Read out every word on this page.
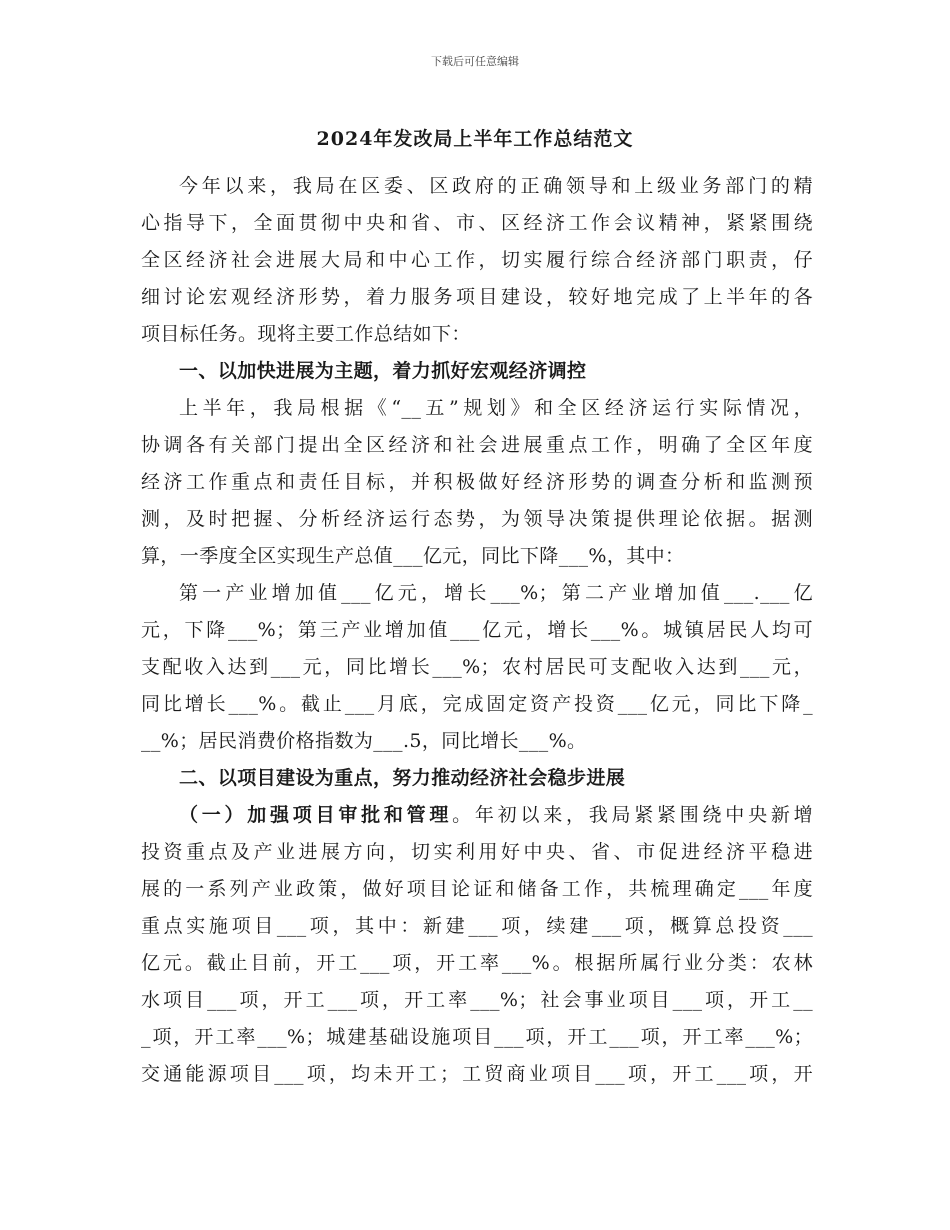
下载后可任意编辑
2024年发改局上半年工作总结范文
今年以来，我局在区委、区政府的正确领导和上级业务部门的精
心指导下，全面贯彻中央和省、市、区经济工作会议精神，紧紧围绕
全区经济社会进展大局和中心工作，切实履行综合经济部门职责，仔
细讨论宏观经济形势，着力服务项目建设，较好地完成了上半年的各
项目标任务。现将主要工作总结如下：
一、以加快进展为主题，着力抓好宏观经济调控
上半年，我局根据《“__五”规划》和全区经济运行实际情况，
协调各有关部门提出全区经济和社会进展重点工作，明确了全区年度
经济工作重点和责任目标，并积极做好经济形势的调查分析和监测预
测，及时把握、分析经济运行态势，为领导决策提供理论依据。据测
算，一季度全区实现生产总值___亿元，同比下降___%，其中：
第一产业增加值___亿元，增长___%；第二产业增加值___.___亿
元，下降___%；第三产业增加值___亿元，增长___%。城镇居民人均可
支配收入达到___元，同比增长___%；农村居民可支配收入达到___元，
同比增长___%。截止___月底，完成固定资产投资___亿元，同比下降_
__%；居民消费价格指数为___.5，同比增长___%。
二、以项目建设为重点，努力推动经济社会稳步进展
（一）加强项目审批和管理。年初以来，我局紧紧围绕中央新增
投资重点及产业进展方向，切实利用好中央、省、市促进经济平稳进
展的一系列产业政策，做好项目论证和储备工作，共梳理确定___年度
重点实施项目___项，其中：新建___项，续建___项，概算总投资___
亿元。截止目前，开工___项，开工率___%。根据所属行业分类：农林
水项目___项，开工___项，开工率___%；社会事业项目___项，开工__
_项，开工率___%；城建基础设施项目___项，开工___项，开工率___%；
交通能源项目___项，均未开工；工贸商业项目___项，开工___项，开
